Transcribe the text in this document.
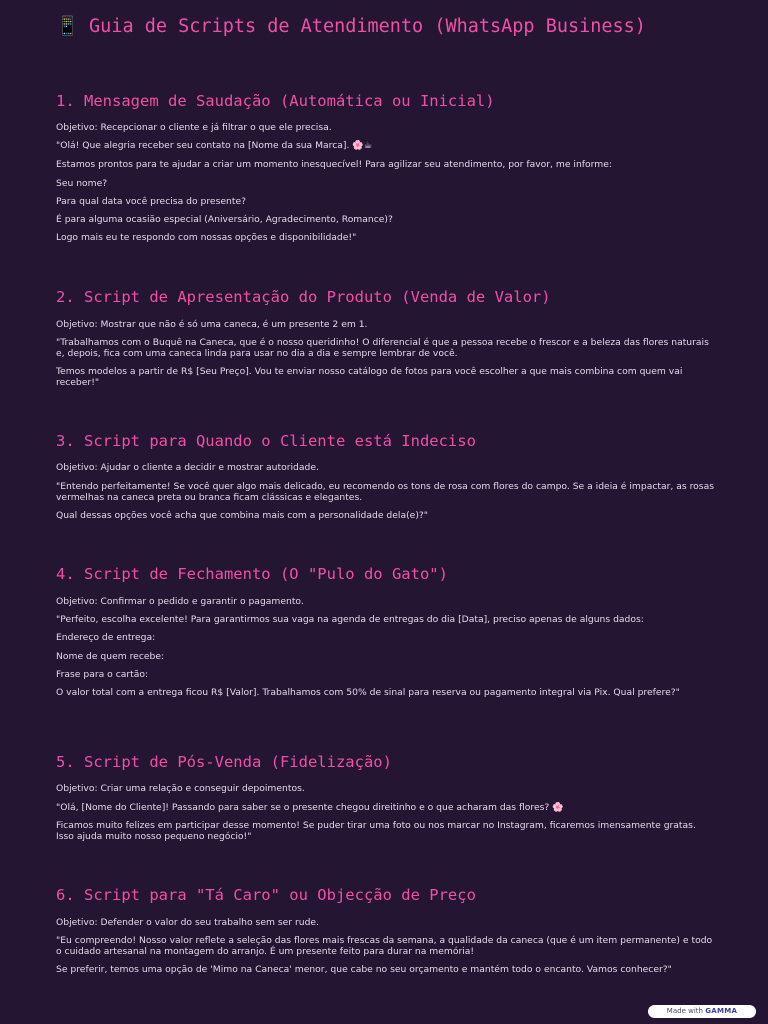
📱 Guia de Scripts de Atendimento (WhatsApp Business)
1. Mensagem de Saudação (Automática ou Inicial)

Objetivo: Recepcionar o cliente e já filtrar o que ele precisa.

"Olá! Que alegria receber seu contato na [Nome da sua Marca]. 🌸☕

Estamos prontos para te ajudar a criar um momento inesquecível! Para agilizar seu atendimento, por favor, me informe:

Seu nome?

Para qual data você precisa do presente?

É para alguma ocasião especial (Aniversário, Agradecimento, Romance)?

Logo mais eu te respondo com nossas opções e disponibilidade!"

2. Script de Apresentação do Produto (Venda de Valor)

Objetivo: Mostrar que não é só uma caneca, é um presente 2 em 1.

"Trabalhamos com o Buquê na Caneca, que é o nosso queridinho! O diferencial é que a pessoa recebe o frescor e a beleza das flores naturais e, depois, fica com uma caneca linda para usar no dia a dia e sempre lembrar de você.

Temos modelos a partir de R$ [Seu Preço]. Vou te enviar nosso catálogo de fotos para você escolher a que mais combina com quem vai receber!"

3. Script para Quando o Cliente está Indeciso

Objetivo: Ajudar o cliente a decidir e mostrar autoridade.

"Entendo perfeitamente! Se você quer algo mais delicado, eu recomendo os tons de rosa com flores do campo. Se a ideia é impactar, as rosas vermelhas na caneca preta ou branca ficam clássicas e elegantes.

Qual dessas opções você acha que combina mais com a personalidade dela(e)?"

4. Script de Fechamento (O "Pulo do Gato")

Objetivo: Confirmar o pedido e garantir o pagamento.

"Perfeito, escolha excelente! Para garantirmos sua vaga na agenda de entregas do dia [Data], preciso apenas de alguns dados:

Endereço de entrega:

Nome de quem recebe:

Frase para o cartão:

O valor total com a entrega ficou R$ [Valor]. Trabalhamos com 50% de sinal para reserva ou pagamento integral via Pix. Qual prefere?"

5. Script de Pós-Venda (Fidelização)

Objetivo: Criar uma relação e conseguir depoimentos.

"Olá, [Nome do Cliente]! Passando para saber se o presente chegou direitinho e o que acharam das flores? 🌸

Ficamos muito felizes em participar desse momento! Se puder tirar uma foto ou nos marcar no Instagram, ficaremos imensamente gratas. Isso ajuda muito nosso pequeno negócio!"

6. Script para "Tá Caro" ou Objecção de Preço

Objetivo: Defender o valor do seu trabalho sem ser rude.

"Eu compreendo! Nosso valor reflete a seleção das flores mais frescas da semana, a qualidade da caneca (que é um item permanente) e todo o cuidado artesanal na montagem do arranjo. É um presente feito para durar na memória!

Se preferir, temos uma opção de 'Mimo na Caneca' menor, que cabe no seu orçamento e mantém todo o encanto. Vamos conhecer?"

Made with GAMMA
